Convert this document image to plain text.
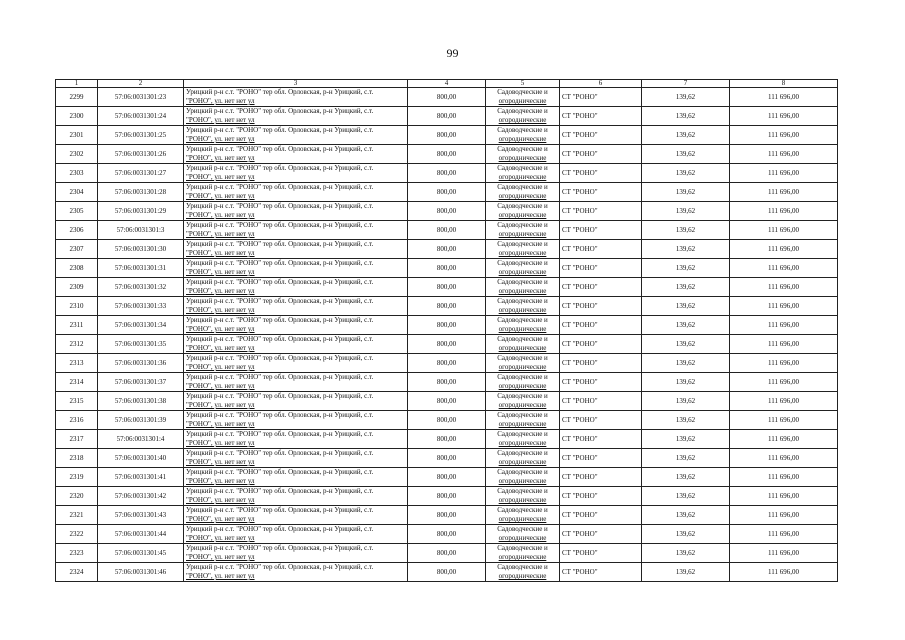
99
1	2	3	4	5	6	7	8
2299	57:06:0031301:23	Урицкий р-н с.т. "РОНО" тер обл. Орловская, р-н Урицкий, с.т.
"РОНО", ул. нет нет ул	800,00	Садоводческие и
огороднические	СТ "РОНО"	139,62	111 696,00
2300	57:06:0031301:24	Урицкий р-н с.т. "РОНО" тер обл. Орловская, р-н Урицкий, с.т.
"РОНО", ул. нет нет ул	800,00	Садоводческие и
огороднические	СТ "РОНО"	139,62	111 696,00
2301	57:06:0031301:25	Урицкий р-н с.т. "РОНО" тер обл. Орловская, р-н Урицкий, с.т.
"РОНО", ул. нет нет ул	800,00	Садоводческие и
огороднические	СТ "РОНО"	139,62	111 696,00
2302	57:06:0031301:26	Урицкий р-н с.т. "РОНО" тер обл. Орловская, р-н Урицкий, с.т.
"РОНО", ул. нет нет ул	800,00	Садоводческие и
огороднические	СТ "РОНО"	139,62	111 696,00
2303	57:06:0031301:27	Урицкий р-н с.т. "РОНО" тер обл. Орловская, р-н Урицкий, с.т.
"РОНО", ул. нет нет ул	800,00	Садоводческие и
огороднические	СТ "РОНО"	139,62	111 696,00
2304	57:06:0031301:28	Урицкий р-н с.т. "РОНО" тер обл. Орловская, р-н Урицкий, с.т.
"РОНО", ул. нет нет ул	800,00	Садоводческие и
огороднические	СТ "РОНО"	139,62	111 696,00
2305	57:06:0031301:29	Урицкий р-н с.т. "РОНО" тер обл. Орловская, р-н Урицкий, с.т.
"РОНО", ул. нет нет ул	800,00	Садоводческие и
огороднические	СТ "РОНО"	139,62	111 696,00
2306	57:06:0031301:3	Урицкий р-н с.т. "РОНО" тер обл. Орловская, р-н Урицкий, с.т.
"РОНО", ул. нет нет ул	800,00	Садоводческие и
огороднические	СТ "РОНО"	139,62	111 696,00
2307	57:06:0031301:30	Урицкий р-н с.т. "РОНО" тер обл. Орловская, р-н Урицкий, с.т.
"РОНО", ул. нет нет ул	800,00	Садоводческие и
огороднические	СТ "РОНО"	139,62	111 696,00
2308	57:06:0031301:31	Урицкий р-н с.т. "РОНО" тер обл. Орловская, р-н Урицкий, с.т.
"РОНО", ул. нет нет ул	800,00	Садоводческие и
огороднические	СТ "РОНО"	139,62	111 696,00
2309	57:06:0031301:32	Урицкий р-н с.т. "РОНО" тер обл. Орловская, р-н Урицкий, с.т.
"РОНО", ул. нет нет ул	800,00	Садоводческие и
огороднические	СТ "РОНО"	139,62	111 696,00
2310	57:06:0031301:33	Урицкий р-н с.т. "РОНО" тер обл. Орловская, р-н Урицкий, с.т.
"РОНО", ул. нет нет ул	800,00	Садоводческие и
огороднические	СТ "РОНО"	139,62	111 696,00
2311	57:06:0031301:34	Урицкий р-н с.т. "РОНО" тер обл. Орловская, р-н Урицкий, с.т.
"РОНО", ул. нет нет ул	800,00	Садоводческие и
огороднические	СТ "РОНО"	139,62	111 696,00
2312	57:06:0031301:35	Урицкий р-н с.т. "РОНО" тер обл. Орловская, р-н Урицкий, с.т.
"РОНО", ул. нет нет ул	800,00	Садоводческие и
огороднические	СТ "РОНО"	139,62	111 696,00
2313	57:06:0031301:36	Урицкий р-н с.т. "РОНО" тер обл. Орловская, р-н Урицкий, с.т.
"РОНО", ул. нет нет ул	800,00	Садоводческие и
огороднические	СТ "РОНО"	139,62	111 696,00
2314	57:06:0031301:37	Урицкий р-н с.т. "РОНО" тер обл. Орловская, р-н Урицкий, с.т.
"РОНО", ул. нет нет ул	800,00	Садоводческие и
огороднические	СТ "РОНО"	139,62	111 696,00
2315	57:06:0031301:38	Урицкий р-н с.т. "РОНО" тер обл. Орловская, р-н Урицкий, с.т.
"РОНО", ул. нет нет ул	800,00	Садоводческие и
огороднические	СТ "РОНО"	139,62	111 696,00
2316	57:06:0031301:39	Урицкий р-н с.т. "РОНО" тер обл. Орловская, р-н Урицкий, с.т.
"РОНО", ул. нет нет ул	800,00	Садоводческие и
огороднические	СТ "РОНО"	139,62	111 696,00
2317	57:06:0031301:4	Урицкий р-н с.т. "РОНО" тер обл. Орловская, р-н Урицкий, с.т.
"РОНО", ул. нет нет ул	800,00	Садоводческие и
огороднические	СТ "РОНО"	139,62	111 696,00
2318	57:06:0031301:40	Урицкий р-н с.т. "РОНО" тер обл. Орловская, р-н Урицкий, с.т.
"РОНО", ул. нет нет ул	800,00	Садоводческие и
огороднические	СТ "РОНО"	139,62	111 696,00
2319	57:06:0031301:41	Урицкий р-н с.т. "РОНО" тер обл. Орловская, р-н Урицкий, с.т.
"РОНО", ул. нет нет ул	800,00	Садоводческие и
огороднические	СТ "РОНО"	139,62	111 696,00
2320	57:06:0031301:42	Урицкий р-н с.т. "РОНО" тер обл. Орловская, р-н Урицкий, с.т.
"РОНО", ул. нет нет ул	800,00	Садоводческие и
огороднические	СТ "РОНО"	139,62	111 696,00
2321	57:06:0031301:43	Урицкий р-н с.т. "РОНО" тер обл. Орловская, р-н Урицкий, с.т.
"РОНО", ул. нет нет ул	800,00	Садоводческие и
огороднические	СТ "РОНО"	139,62	111 696,00
2322	57:06:0031301:44	Урицкий р-н с.т. "РОНО" тер обл. Орловская, р-н Урицкий, с.т.
"РОНО", ул. нет нет ул	800,00	Садоводческие и
огороднические	СТ "РОНО"	139,62	111 696,00
2323	57:06:0031301:45	Урицкий р-н с.т. "РОНО" тер обл. Орловская, р-н Урицкий, с.т.
"РОНО", ул. нет нет ул	800,00	Садоводческие и
огороднические	СТ "РОНО"	139,62	111 696,00
2324	57:06:0031301:46	Урицкий р-н с.т. "РОНО" тер обл. Орловская, р-н Урицкий, с.т.
"РОНО", ул. нет нет ул	800,00	Садоводческие и
огороднические	СТ "РОНО"	139,62	111 696,00
